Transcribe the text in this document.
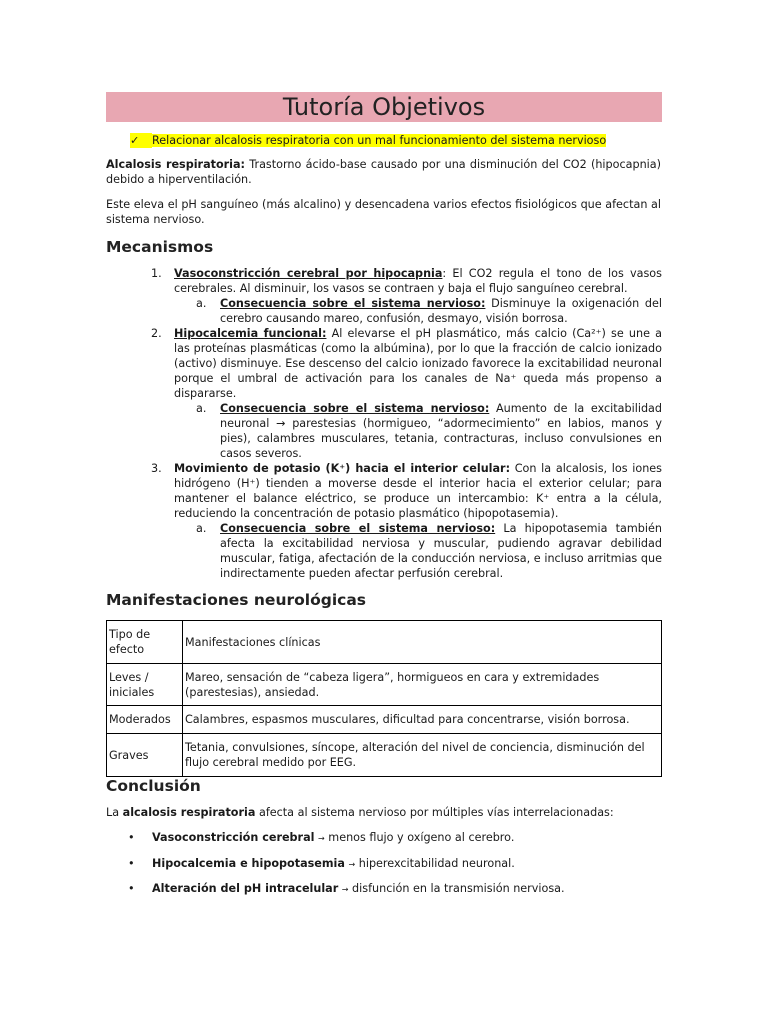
Tutoría Objetivos
✓ Relacionar alcalosis respiratoria con un mal funcionamiento del sistema nervioso

Alcalosis respiratoria: Trastorno ácido-base causado por una disminución del CO2 (hipocapnia) debido a hiperventilación.

Este eleva el pH sanguíneo (más alcalino) y desencadena varios efectos fisiológicos que afectan al sistema nervioso.

Mecanismos
1. Vasoconstricción cerebral por hipocapnia: El CO2 regula el tono de los vasos cerebrales. Al disminuir, los vasos se contraen y baja el flujo sanguíneo cerebral.
a. Consecuencia sobre el sistema nervioso: Disminuye la oxigenación del cerebro causando mareo, confusión, desmayo, visión borrosa.
2. Hipocalcemia funcional: Al elevarse el pH plasmático, más calcio (Ca²⁺) se une a las proteínas plasmáticas (como la albúmina), por lo que la fracción de calcio ionizado (activo) disminuye. Ese descenso del calcio ionizado favorece la excitabilidad neuronal porque el umbral de activación para los canales de Na⁺ queda más propenso a dispararse.
a. Consecuencia sobre el sistema nervioso: Aumento de la excitabilidad neuronal → parestesias (hormigueo, “adormecimiento” en labios, manos y pies), calambres musculares, tetania, contracturas, incluso convulsiones en casos severos.
3. Movimiento de potasio (K⁺) hacia el interior celular: Con la alcalosis, los iones hidrógeno (H⁺) tienden a moverse desde el interior hacia el exterior celular; para mantener el balance eléctrico, se produce un intercambio: K⁺ entra a la célula, reduciendo la concentración de potasio plasmático (hipopotasemia).
a. Consecuencia sobre el sistema nervioso: La hipopotasemia también afecta la excitabilidad nerviosa y muscular, pudiendo agravar debilidad muscular, fatiga, afectación de la conducción nerviosa, e incluso arritmias que indirectamente pueden afectar perfusión cerebral.
Manifestaciones neurológicas
Tipo de efecto	Manifestaciones clínicas
Leves / iniciales	Mareo, sensación de “cabeza ligera”, hormigueos en cara y extremidades (parestesias), ansiedad.
Moderados	Calambres, espasmos musculares, dificultad para concentrarse, visión borrosa.
Graves	Tetania, convulsiones, síncope, alteración del nivel de conciencia, disminución del flujo cerebral medido por EEG.
Conclusión

La alcalosis respiratoria afecta al sistema nervioso por múltiples vías interrelacionadas:

• Vasoconstricción cerebral → menos flujo y oxígeno al cerebro.
• Hipocalcemia e hipopotasemia → hiperexcitabilidad neuronal.
• Alteración del pH intracelular → disfunción en la transmisión nerviosa.
